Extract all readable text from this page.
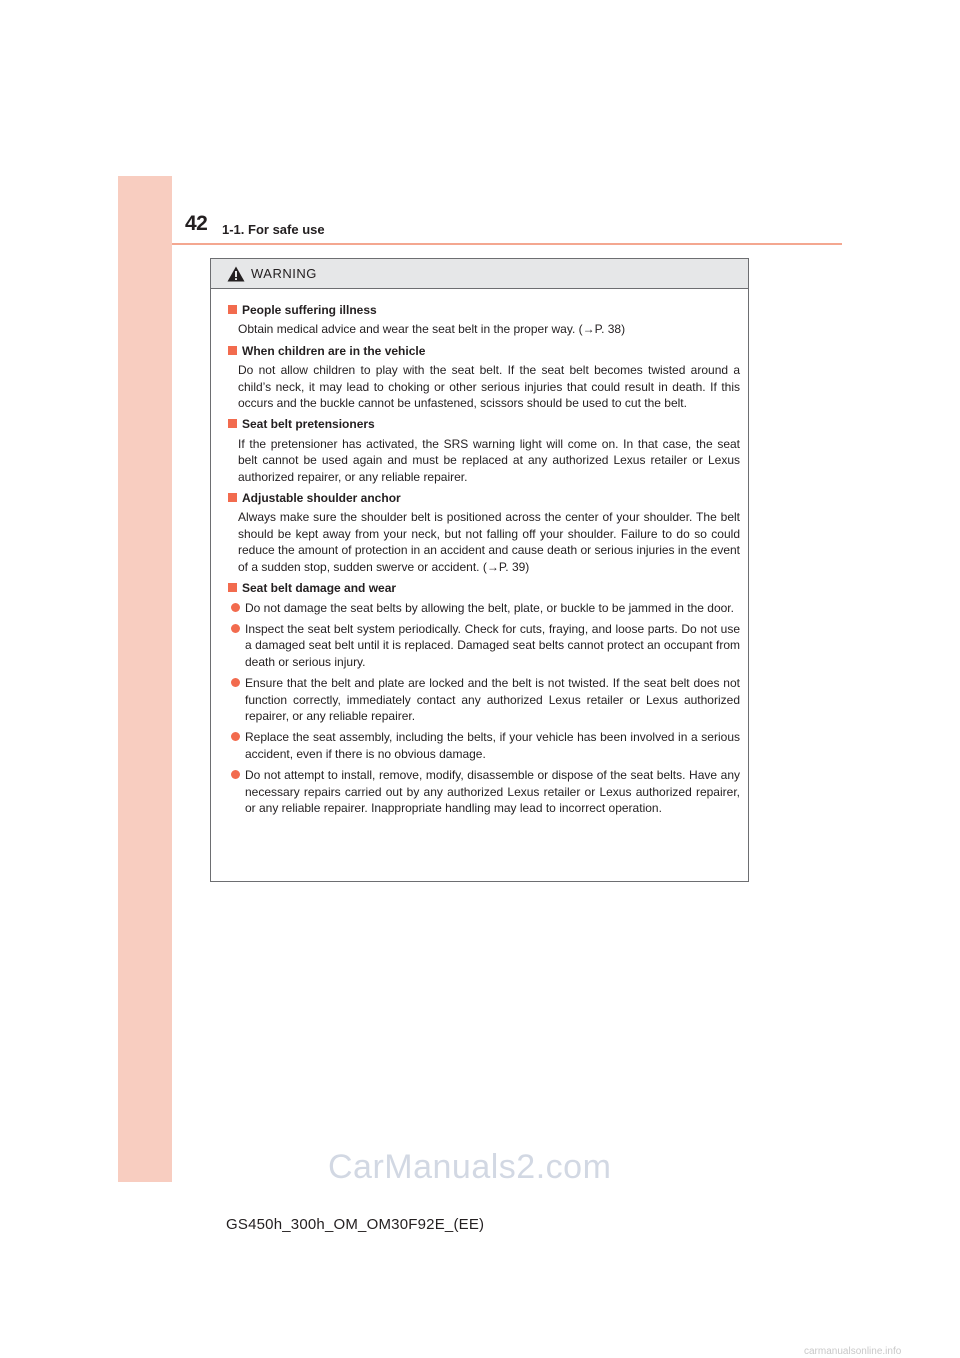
42 1-1. For safe use
WARNING
People suffering illness
Obtain medical advice and wear the seat belt in the proper way. (→P. 38)
When children are in the vehicle
Do not allow children to play with the seat belt. If the seat belt becomes twisted around a child’s neck, it may lead to choking or other serious injuries that could result in death. If this occurs and the buckle cannot be unfastened, scissors should be used to cut the belt.
Seat belt pretensioners
If the pretensioner has activated, the SRS warning light will come on. In that case, the seat belt cannot be used again and must be replaced at any authorized Lexus retailer or Lexus authorized repairer, or any reliable repairer.
Adjustable shoulder anchor
Always make sure the shoulder belt is positioned across the center of your shoulder. The belt should be kept away from your neck, but not falling off your shoulder. Failure to do so could reduce the amount of protection in an accident and cause death or serious injuries in the event of a sudden stop, sudden swerve or accident. (→P. 39)
Seat belt damage and wear
Do not damage the seat belts by allowing the belt, plate, or buckle to be jammed in the door.
Inspect the seat belt system periodically. Check for cuts, fraying, and loose parts. Do not use a damaged seat belt until it is replaced. Damaged seat belts cannot protect an occupant from death or serious injury.
Ensure that the belt and plate are locked and the belt is not twisted. If the seat belt does not function correctly, immediately contact any authorized Lexus retailer or Lexus authorized repairer, or any reliable repairer.
Replace the seat assembly, including the belts, if your vehicle has been involved in a serious accident, even if there is no obvious damage.
Do not attempt to install, remove, modify, disassemble or dispose of the seat belts. Have any necessary repairs carried out by any authorized Lexus retailer or Lexus authorized repairer, or any reliable repairer. Inappropriate handling may lead to incorrect operation.
CarManuals2.com
GS450h_300h_OM_OM30F92E_(EE)
carmanualsonline.info
